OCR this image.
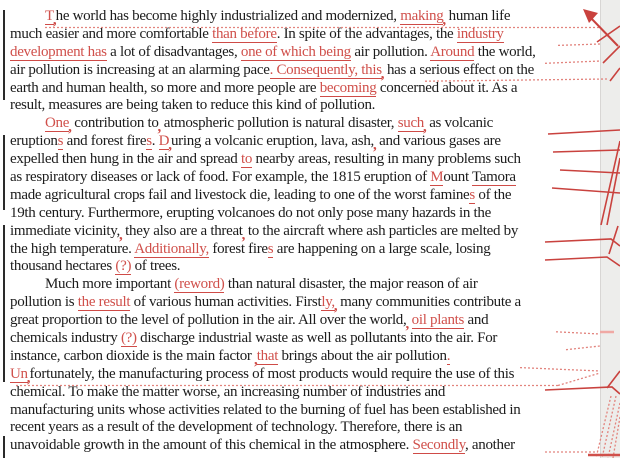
T,he world has become highly industrialized and modernized, making, human life
much easier and more comfortable than before. In spite of the advantages, the industry
development has a lot of disadvantages, one of which being air pollution. Around the world,
air pollution is increasing at an alarming pace. Consequently, this, has a serious effect on the
earth and human health, so more and more people are becoming concerned about it. As a
result, measures are being taken to reduce this kind of pollution.
One, contribution to, atmospheric pollution is natural disaster, such, as volcanic
eruptions and forest fires. D,uring a volcanic eruption, lava, ash,, and various gases are
expelled then hung in the air and spread to nearby areas, resulting in many problems such
as respiratory diseases or lack of food. For example, the 1815 eruption of Mount Tamora
made agricultural crops fail and livestock die, leading to one of the worst famines of the
19th century. Furthermore, erupting volcanoes do not only pose many hazards in the
immediate vicinity,, they also are a threat, to the aircraft where ash particles are melted by
the high temperature. Additionally, forest fires are happening on a large scale, losing
thousand hectares (?) of trees.
Much more important (reword) than natural disaster, the major reason of air
pollution is the result of various human activities. Firstly,, many communities contribute a
great proportion to the level of pollution in the air. All over the world,, oil plants and
chemicals industry (?) discharge industrial waste as well as pollutants into the air. For
instance, carbon dioxide is the main factor ,that brings about the air pollution.
Un,fortunately, the manufacturing process of most products would require the use of this
chemical. To make the matter worse, an increasing number of industries and
manufacturing units whose activities related to the burning of fuel has been established in
recent years as a result of the development of technology. Therefore, there is an
unavoidable growth in the amount of this chemical in the atmosphere. Secondly, another
